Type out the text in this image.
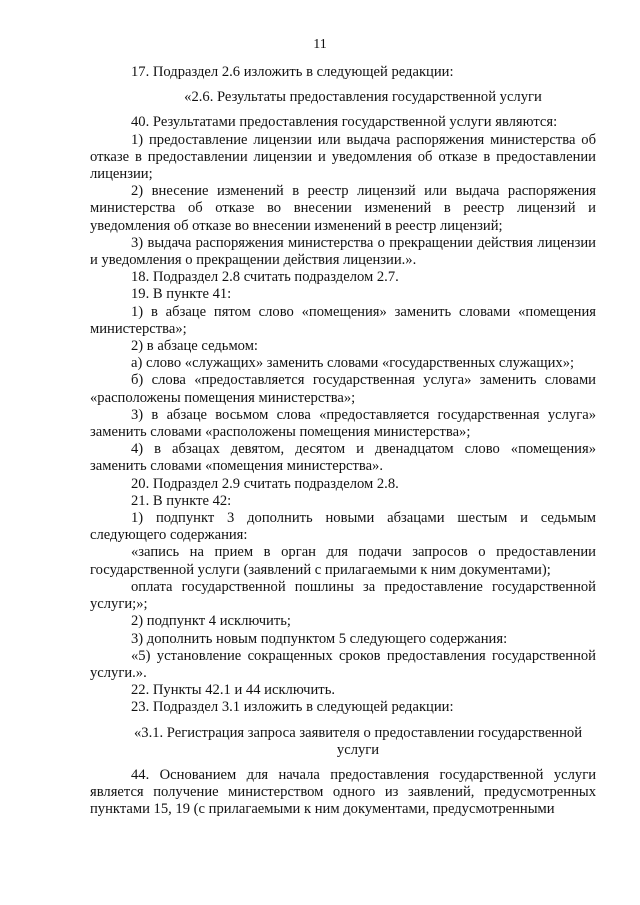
11

17. Подраздел 2.6 изложить в следующей редакции:

«2.6. Результаты предоставления государственной услуги

40. Результатами предоставления государственной услуги являются:

1) предоставление лицензии или выдача распоряжения министерства об отказе в предоставлении лицензии и уведомления об отказе в предоставлении лицензии;

2) внесение изменений в реестр лицензий или выдача распоряжения министерства об отказе во внесении изменений в реестр лицензий и уведомления об отказе во внесении изменений в реестр лицензий;

3) выдача распоряжения министерства о прекращении действия лицензии и уведомления о прекращении действия лицензии.».

18. Подраздел 2.8 считать подразделом 2.7.

19. В пункте 41:

1) в абзаце пятом слово «помещения» заменить словами «помещения министерства»;

2) в абзаце седьмом:

а) слово «служащих» заменить словами «государственных служащих»;

б) слова «предоставляется государственная услуга» заменить словами «расположены помещения министерства»;

3) в абзаце восьмом слова «предоставляется государственная услуга» заменить словами «расположены помещения министерства»;

4) в абзацах девятом, десятом и двенадцатом слово «помещения» заменить словами «помещения министерства».

20. Подраздел 2.9 считать подразделом 2.8.

21. В пункте 42:

1) подпункт 3 дополнить новыми абзацами шестым и седьмым следующего содержания:

«запись на прием в орган для подачи запросов о предоставлении государственной услуги (заявлений с прилагаемыми к ним документами);

оплата государственной пошлины за предоставление государственной услуги;»;

2) подпункт 4 исключить;

3) дополнить новым подпунктом 5 следующего содержания:

«5) установление сокращенных сроков предоставления государственной услуги.».

22. Пункты 42.1 и 44 исключить.

23. Подраздел 3.1 изложить в следующей редакции:

«3.1. Регистрация запроса заявителя о предоставлении государственной услуги

44. Основанием для начала предоставления государственной услуги является получение министерством одного из заявлений, предусмотренных пунктами 15, 19 (с прилагаемыми к ним документами, предусмотренными
